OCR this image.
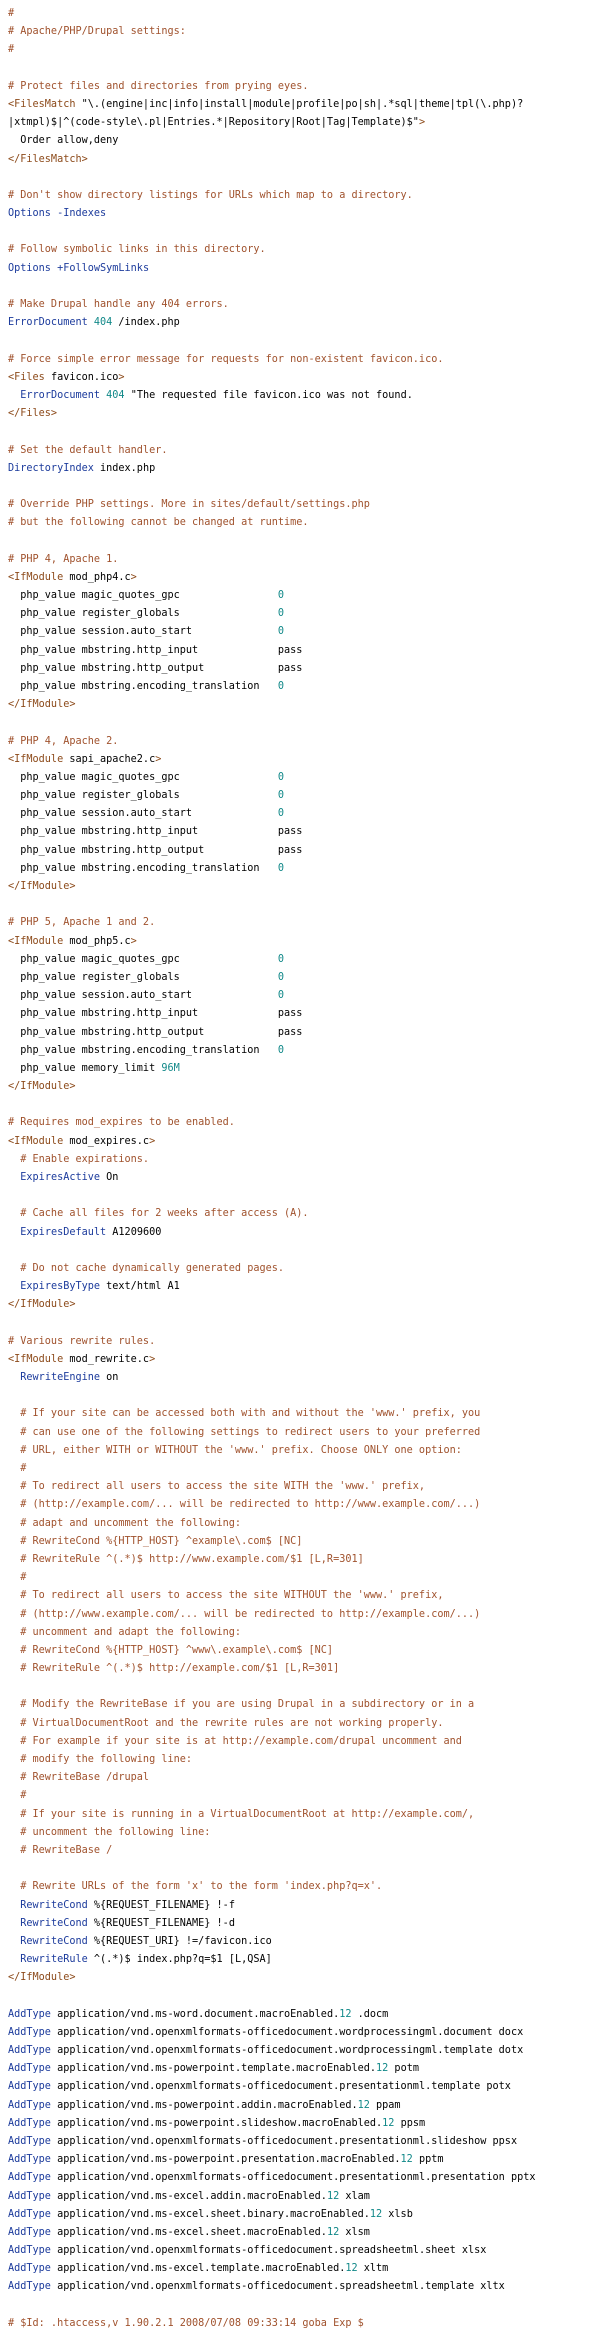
#
# Apache/PHP/Drupal settings:
#

# Protect files and directories from prying eyes.
<FilesMatch "\.(engine|inc|info|install|module|profile|po|sh|.*sql|theme|tpl(\.php)?
|xtmpl)$|^(code-style\.pl|Entries.*|Repository|Root|Tag|Template)$">
Order allow,deny
</FilesMatch>

# Don't show directory listings for URLs which map to a directory.
Options -Indexes

# Follow symbolic links in this directory.
Options +FollowSymLinks

# Make Drupal handle any 404 errors.
ErrorDocument 404 /index.php

# Force simple error message for requests for non-existent favicon.ico.
<Files favicon.ico>
ErrorDocument 404 "The requested file favicon.ico was not found.
</Files>

# Set the default handler.
DirectoryIndex index.php

# Override PHP settings. More in sites/default/settings.php
# but the following cannot be changed at runtime.

# PHP 4, Apache 1.
<IfModule mod_php4.c>
php_value magic_quotes_gpc                0
php_value register_globals                0
php_value session.auto_start              0
php_value mbstring.http_input             pass
php_value mbstring.http_output            pass
php_value mbstring.encoding_translation   0
</IfModule>

# PHP 4, Apache 2.
<IfModule sapi_apache2.c>
php_value magic_quotes_gpc                0
php_value register_globals                0
php_value session.auto_start              0
php_value mbstring.http_input             pass
php_value mbstring.http_output            pass
php_value mbstring.encoding_translation   0
</IfModule>

# PHP 5, Apache 1 and 2.
<IfModule mod_php5.c>
php_value magic_quotes_gpc                0
php_value register_globals                0
php_value session.auto_start              0
php_value mbstring.http_input             pass
php_value mbstring.http_output            pass
php_value mbstring.encoding_translation   0
php_value memory_limit 96M
</IfModule>

# Requires mod_expires to be enabled.
<IfModule mod_expires.c>
# Enable expirations.
ExpiresActive On

# Cache all files for 2 weeks after access (A).
ExpiresDefault A1209600

# Do not cache dynamically generated pages.
ExpiresByType text/html A1
</IfModule>

# Various rewrite rules.
<IfModule mod_rewrite.c>
RewriteEngine on

# If your site can be accessed both with and without the 'www.' prefix, you
# can use one of the following settings to redirect users to your preferred
# URL, either WITH or WITHOUT the 'www.' prefix. Choose ONLY one option:
#
# To redirect all users to access the site WITH the 'www.' prefix,
# (http://example.com/... will be redirected to http://www.example.com/...)
# adapt and uncomment the following:
# RewriteCond %{HTTP_HOST} ^example\.com$ [NC]
# RewriteRule ^(.*)$ http://www.example.com/$1 [L,R=301]
#
# To redirect all users to access the site WITHOUT the 'www.' prefix,
# (http://www.example.com/... will be redirected to http://example.com/...)
# uncomment and adapt the following:
# RewriteCond %{HTTP_HOST} ^www\.example\.com$ [NC]
# RewriteRule ^(.*)$ http://example.com/$1 [L,R=301]

# Modify the RewriteBase if you are using Drupal in a subdirectory or in a
# VirtualDocumentRoot and the rewrite rules are not working properly.
# For example if your site is at http://example.com/drupal uncomment and
# modify the following line:
# RewriteBase /drupal
#
# If your site is running in a VirtualDocumentRoot at http://example.com/,
# uncomment the following line:
# RewriteBase /

# Rewrite URLs of the form 'x' to the form 'index.php?q=x'.
RewriteCond %{REQUEST_FILENAME} !-f
RewriteCond %{REQUEST_FILENAME} !-d
RewriteCond %{REQUEST_URI} !=/favicon.ico
RewriteRule ^(.*)$ index.php?q=$1 [L,QSA]
</IfModule>

AddType application/vnd.ms-word.document.macroEnabled.12 .docm
AddType application/vnd.openxmlformats-officedocument.wordprocessingml.document docx
AddType application/vnd.openxmlformats-officedocument.wordprocessingml.template dotx
AddType application/vnd.ms-powerpoint.template.macroEnabled.12 potm
AddType application/vnd.openxmlformats-officedocument.presentationml.template potx
AddType application/vnd.ms-powerpoint.addin.macroEnabled.12 ppam
AddType application/vnd.ms-powerpoint.slideshow.macroEnabled.12 ppsm
AddType application/vnd.openxmlformats-officedocument.presentationml.slideshow ppsx
AddType application/vnd.ms-powerpoint.presentation.macroEnabled.12 pptm
AddType application/vnd.openxmlformats-officedocument.presentationml.presentation pptx
AddType application/vnd.ms-excel.addin.macroEnabled.12 xlam
AddType application/vnd.ms-excel.sheet.binary.macroEnabled.12 xlsb
AddType application/vnd.ms-excel.sheet.macroEnabled.12 xlsm
AddType application/vnd.openxmlformats-officedocument.spreadsheetml.sheet xlsx
AddType application/vnd.ms-excel.template.macroEnabled.12 xltm
AddType application/vnd.openxmlformats-officedocument.spreadsheetml.template xltx

# $Id: .htaccess,v 1.90.2.1 2008/07/08 09:33:14 goba Exp $
